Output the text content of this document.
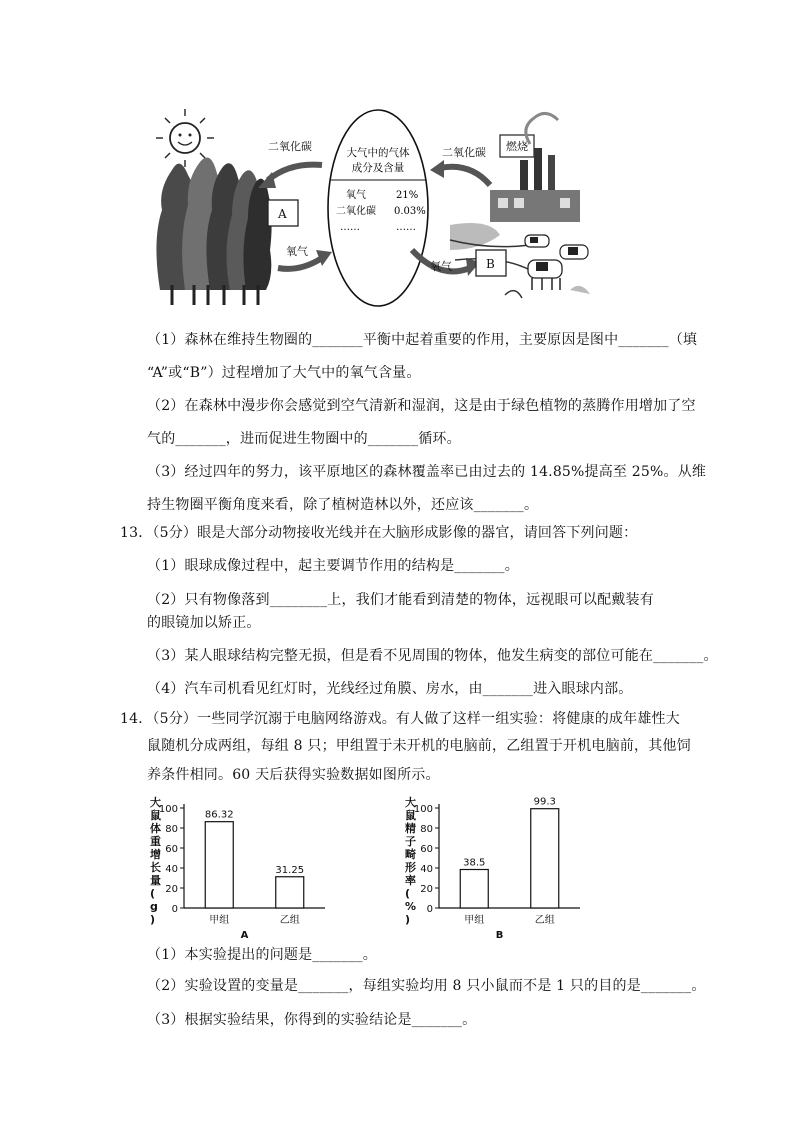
二氧化碳
氧气
A
大气中的气体
成分及含量
氧气	21%
二氧化碳 0.03%
……	……
二氧化碳
氧气
燃烧
B
（1）森林在维持生物圈的_______平衡中起着重要的作用，主要原因是图中_______（填
“A”或“B”）过程增加了大气中的氧气含量。
（2）在森林中漫步你会感觉到空气清新和湿润，这是由于绿色植物的蒸腾作用增加了空
气的_______，进而促进生物圈中的_______循环。
（3）经过四年的努力，该平原地区的森林覆盖率已由过去的 14.85%提高至 25%。从维
持生物圈平衡角度来看，除了植树造林以外，还应该_______。
13．（5分）眼是大部分动物接收光线并在大脑形成影像的器官，请回答下列问题：
（1）眼球成像过程中，起主要调节作用的结构是_______。
（2）只有物像落到________上，我们才能看到清楚的物体，远视眼可以配戴装有
的眼镜加以矫正。
（3）某人眼球结构完整无损，但是看不见周围的物体，他发生病变的部位可能在_______。
（4）汽车司机看见红灯时，光线经过角膜、房水，由_______进入眼球内部。
14．（5分）一些同学沉溺于电脑网络游戏。有人做了这样一组实验：将健康的成年雄性大
鼠随机分成两组，每组 8 只；甲组置于未开机的电脑前，乙组置于开机电脑前，其他饲
养条件相同。60 天后获得实验数据如图所示。
大鼠体重增长量( g )
0
20
40
60
80
100
86.32
甲组
31.25
乙组
A
大鼠精子畸形率( % )
0
20
40
60
80
100
38.5
甲组
99.3
乙组
B
（1）本实验提出的问题是_______。
（2）实验设置的变量是_______，每组实验均用 8 只小鼠而不是 1 只的目的是_______。
（3）根据实验结果，你得到的实验结论是_______。
